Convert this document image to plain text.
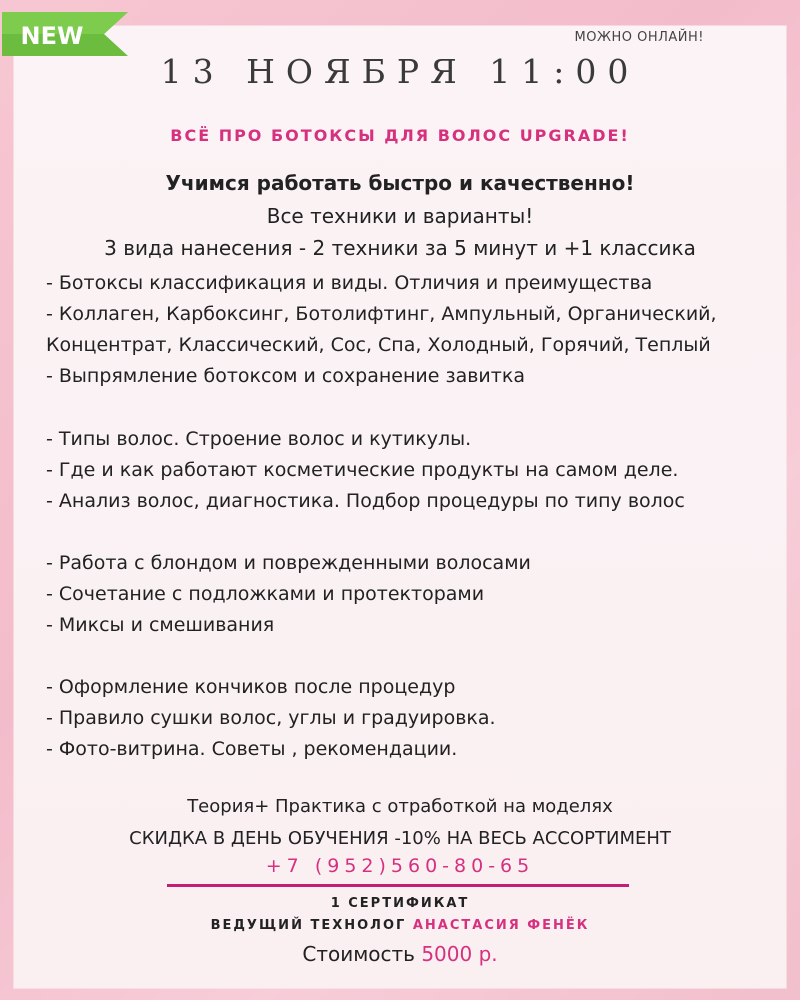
NEW	МОЖНО ОНЛАЙН!
13 НОЯБРЯ 11:00
ВСЁ ПРО БОТОКСЫ ДЛЯ ВОЛОС UPGRADE!
Учимся работать быстро и качественно!
Все техники и варианты!
3 вида нанесения - 2 техники за 5 минут и +1 классика
- Ботоксы классификация и виды. Отличия и преимущества
- Коллаген, Карбоксинг, Ботолифтинг, Ампульный, Органический,
Концентрат, Классический, Сос, Спа, Холодный, Горячий, Теплый
- Выпрямление ботоксом и сохранение завитка
- Типы волос. Строение волос и кутикулы.
- Где и как работают косметические продукты на самом деле.
- Анализ волос, диагностика. Подбор процедуры по типу волос
- Работа с блондом и поврежденными волосами
- Сочетание с подложками и протекторами
- Миксы и смешивания
- Оформление кончиков после процедур
- Правило сушки волос, углы и градуировка.
- Фото-витрина. Советы , рекомендации.
Теория+ Практика с отработкой на моделях
СКИДКА В ДЕНЬ ОБУЧЕНИЯ -10% НА ВЕСЬ АССОРТИМЕНТ
+7 (952)560-80-65
1 СЕРТИФИКАТ
ВЕДУЩИЙ ТЕХНОЛОГ АНАСТАСИЯ ФЕНЁК
Стоимость 5000 р.
